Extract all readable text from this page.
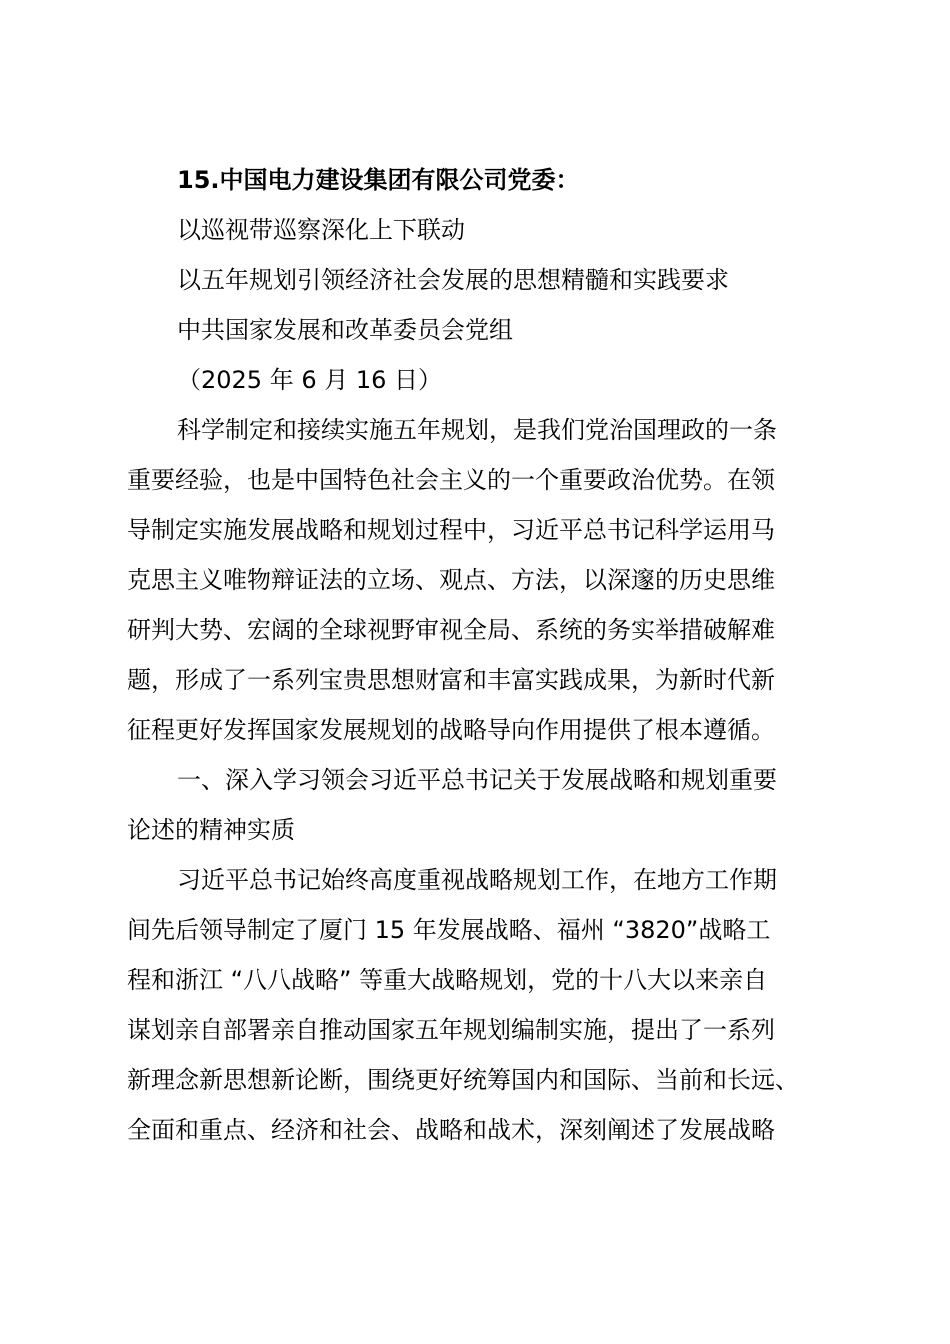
15.中国电力建设集团有限公司党委：
以巡视带巡察深化上下联动
以五年规划引领经济社会发展的思想精髓和实践要求
中共国家发展和改革委员会党组
（2025 年 6 月 16 日）
科学制定和接续实施五年规划，是我们党治国理政的一条
重要经验，也是中国特色社会主义的一个重要政治优势。在领
导制定实施发展战略和规划过程中，习近平总书记科学运用马
克思主义唯物辩证法的立场、观点、方法，以深邃的历史思维
研判大势、宏阔的全球视野审视全局、系统的务实举措破解难
题，形成了一系列宝贵思想财富和丰富实践成果，为新时代新
征程更好发挥国家发展规划的战略导向作用提供了根本遵循。
一、深入学习领会习近平总书记关于发展战略和规划重要
论述的精神实质
习近平总书记始终高度重视战略规划工作，在地方工作期
间先后领导制定了厦门 15 年发展战略、福州 “3820”战略工
程和浙江 “八八战略” 等重大战略规划，党的十八大以来亲自
谋划亲自部署亲自推动国家五年规划编制实施，提出了一系列
新理念新思想新论断，围绕更好统筹国内和国际、当前和长远、
全面和重点、经济和社会、战略和战术，深刻阐述了发展战略
